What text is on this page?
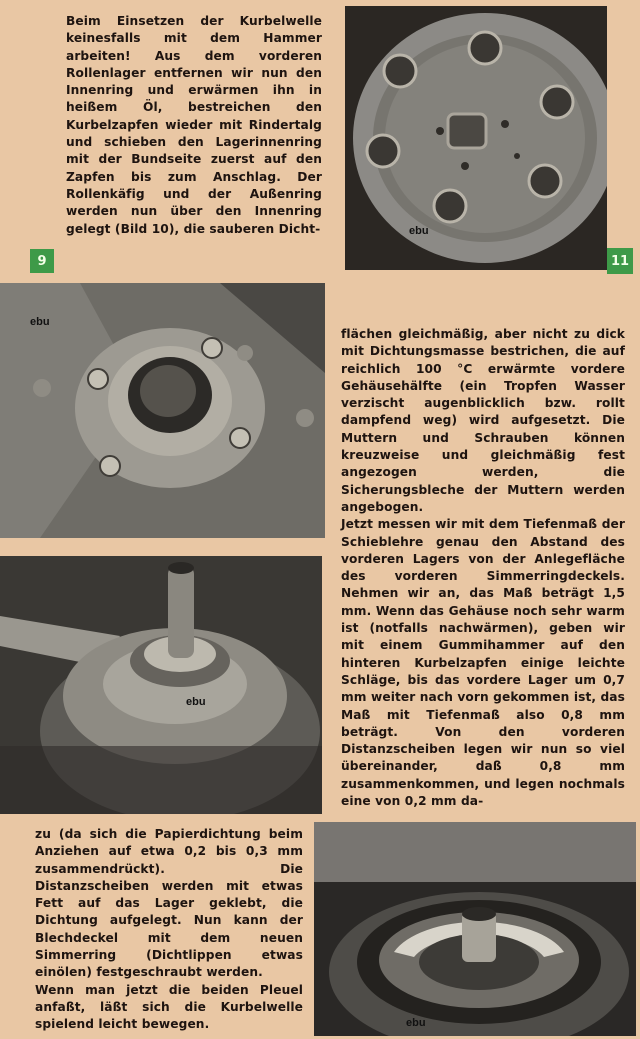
Beim Einsetzen der Kurbelwelle keinesfalls mit dem Hammer arbeiten! Aus dem vorderen Rollenlager entfernen wir nun den Innenring und erwärmen ihn in heißem Öl, bestreichen den Kurbelzapfen wieder mit Rindertalg und schieben den Lagerinnenring mit der Bundseite zuerst auf den Zapfen bis zum Anschlag. Der Rollenkäfig und der Außenring werden nun über den Innenring gelegt (Bild 10), die sauberen Dicht-

9
ebu
11
ebu

flächen gleichmäßig, aber nicht zu dick mit Dichtungsmasse bestrichen, die auf reichlich 100 °C erwärmte vordere Gehäusehälfte (ein Tropfen Wasser verzischt augenblicklich bzw. rollt dampfend weg) wird aufgesetzt. Die Muttern und Schrauben können kreuzweise und gleichmäßig fest angezogen werden, die Sicherungsbleche der Muttern werden angebogen.

Jetzt messen wir mit dem Tiefenmaß der Schieblehre genau den Abstand des vorderen Lagers von der Anlegefläche des vorderen Simmerringdeckels. Nehmen wir an, das Maß beträgt 1,5 mm. Wenn das Gehäuse noch sehr warm ist (notfalls nachwärmen), geben wir mit einem Gummihammer auf den hinteren Kurbelzapfen einige leichte Schläge, bis das vordere Lager um 0,7 mm weiter nach vorn gekommen ist, das Maß mit Tiefenmaß also 0,8 mm beträgt. Von den vorderen Distanzscheiben legen wir nun so viel übereinander, daß 0,8 mm zusammenkommen, und legen nochmals eine von 0,2 mm da-

ebu

zu (da sich die Papierdichtung beim Anziehen auf etwa 0,2 bis 0,3 mm zusammendrückt). Die Distanzscheiben werden mit etwas Fett auf das Lager geklebt, die Dichtung aufgelegt. Nun kann der Blechdeckel mit dem neuen Simmerring (Dichtlippen etwas einölen) festgeschraubt werden.

Wenn man jetzt die beiden Pleuel anfaßt, läßt sich die Kurbelwelle spielend leicht bewegen.	ebu
